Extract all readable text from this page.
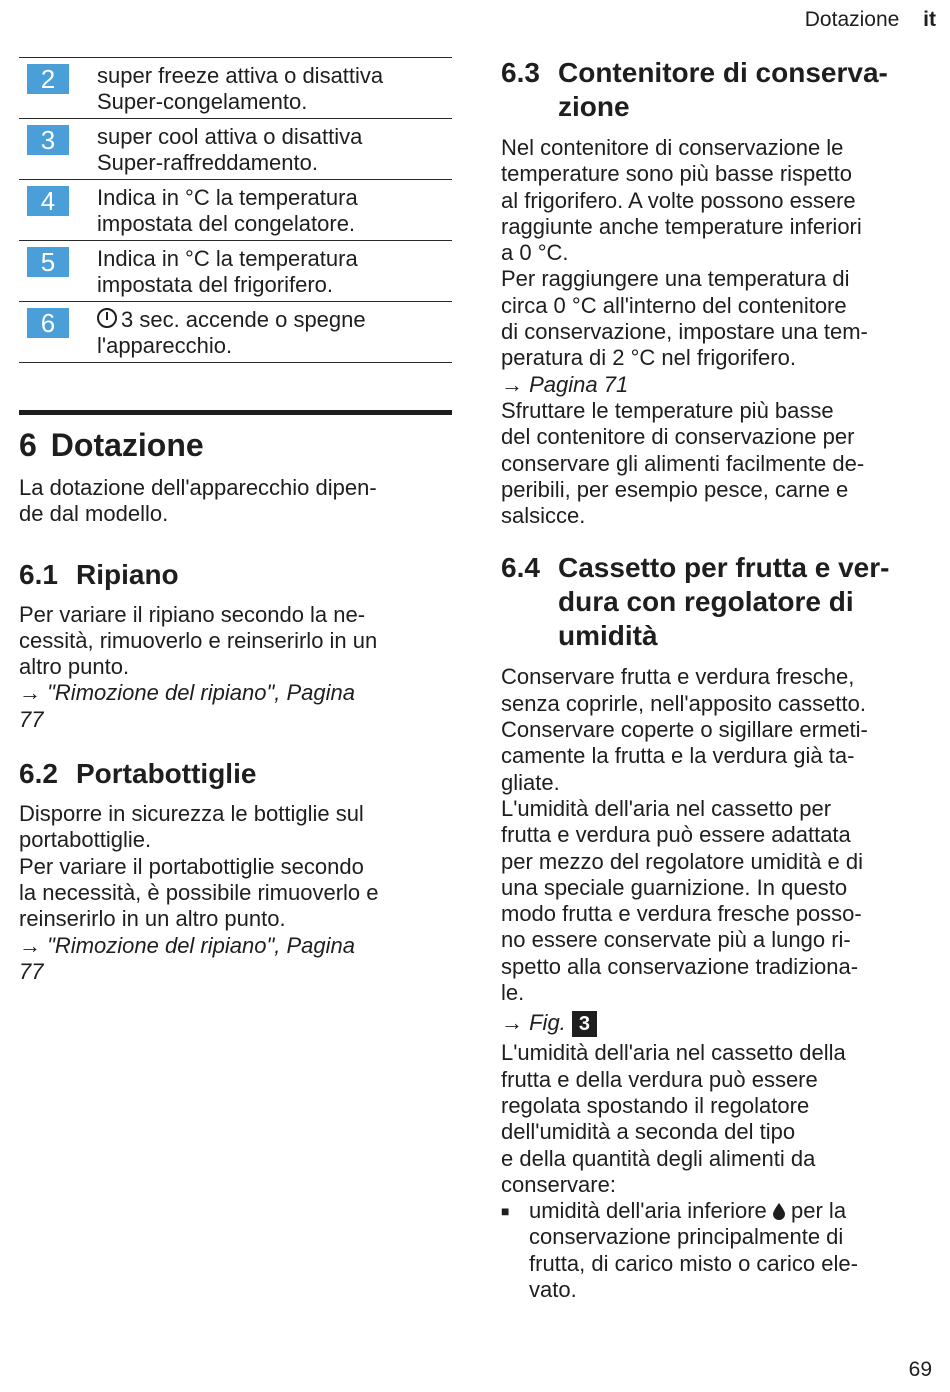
Dotazione it
2	super freeze attiva o disattiva
Super-congelamento.
3	super cool attiva o disattiva
Super-raffreddamento.
4	Indica in °C la temperatura
impostata del congelatore.
5	Indica in °C la temperatura
impostata del frigorifero.
6	3 sec. accende o spegne
l'apparecchio.
6 Dotazione

La dotazione dell'apparecchio dipen-
de dal modello.

6.1 Ripiano

Per variare il ripiano secondo la ne-
cessità, rimuoverlo e reinserirlo in un
altro punto.

→ "Rimozione del ripiano", Pagina
77

6.2 Portabottiglie

Disporre in sicurezza le bottiglie sul
portabottiglie.
Per variare il portabottiglie secondo
la necessità, è possibile rimuoverlo e
reinserirlo in un altro punto.

→ "Rimozione del ripiano", Pagina
77

6.3 Contenitore di conserva-
zione

Nel contenitore di conservazione le
temperature sono più basse rispetto
al frigorifero. A volte possono essere
raggiunte anche temperature inferiori
a 0 °C.
Per raggiungere una temperatura di
circa 0 °C all'interno del contenitore
di conservazione, impostare una tem-
peratura di 2 °C nel frigorifero.

→ Pagina 71

Sfruttare le temperature più basse
del contenitore di conservazione per
conservare gli alimenti facilmente de-
peribili, per esempio pesce, carne e
salsicce.

6.4 Cassetto per frutta e ver-
dura con regolatore di
umidità

Conservare frutta e verdura fresche,
senza coprirle, nell'apposito cassetto.
Conservare coperte o sigillare ermeti-
camente la frutta e la verdura già ta-
gliate.
L'umidità dell'aria nel cassetto per
frutta e verdura può essere adattata
per mezzo del regolatore umidità e di
una speciale guarnizione. In questo
modo frutta e verdura fresche posso-
no essere conservate più a lungo ri-
spetto alla conservazione tradiziona-
le.

→ Fig. 3

L'umidità dell'aria nel cassetto della
frutta e della verdura può essere
regolata spostando il regolatore
dell'umidità a seconda del tipo
e della quantità degli alimenti da
conservare:

■ umidità dell'aria inferiore per la
conservazione principalmente di
frutta, di carico misto o carico ele-
vato.

69
